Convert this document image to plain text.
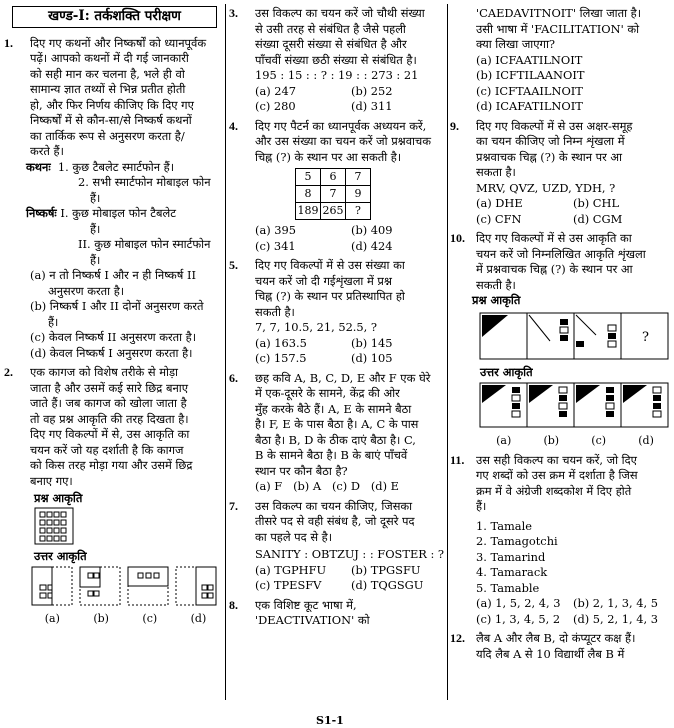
खण्ड-I: तर्कशक्ति परीक्षण
1. दिए गए कथनों और निष्कर्षों को ध्यानपूर्वक
पढ़ें। आपको कथनों में दी गई जानकारी
को सही मान कर चलना है, भले ही वो
सामान्य ज्ञात तथ्यों से भिन्न प्रतीत होती
हो, और फिर निर्णय कीजिए कि दिए गए
निष्कर्षों में से कौन-सा/से निष्कर्ष कथनों
का तार्किक रूप से अनुसरण करता है/
करते हैं।
कथनः 1. कुछ टैबलेट स्मार्टफोन हैं।
2. सभी स्मार्टफोन मोबाइल फोन
हैं।
निष्कर्षः I. कुछ मोबाइल फोन टैबलेट
हैं।
II. कुछ मोबाइल फोन स्मार्टफोन
हैं।
(a) न तो निष्कर्ष I और न ही निष्कर्ष II
अनुसरण करता है।
(b) निष्कर्ष I और II दोनों अनुसरण करते
हैं।
(c) केवल निष्कर्ष II अनुसरण करता है।
(d) केवल निष्कर्ष I अनुसरण करता है।
2. एक कागज को विशेष तरीके से मोड़ा
जाता है और उसमें कई सारे छिद्र बनाए
जाते हैं। जब कागज को खोला जाता है
तो वह प्रश्न आकृति की तरह दिखता है।
दिए गए विकल्पों में से, उस आकृति का
चयन करें जो यह दर्शाती है कि कागज
को किस तरह मोड़ा गया और उसमें छिद्र
बनाए गए।
प्रश्न आकृति
उत्तर आकृति
(a)	(b)	(c)	(d)
3. उस विकल्प का चयन करें जो चौथी संख्या
से उसी तरह से संबंधित है जैसे पहली
संख्या दूसरी संख्या से संबंधित है और
पाँचवीं संख्या छठी संख्या से संबंधित है।
195 : 15 : : ? : 19 : : 273 : 21
(a) 247	(b) 252
(c) 280	(d) 311
4. दिए गए पैटर्न का ध्यानपूर्वक अध्ययन करें,
और उस संख्या का चयन करें जो प्रश्नवाचक
चिह्न (?) के स्थान पर आ सकती है।
5	6	7
8	7	9
189	265	?
(a) 395	(b) 409
(c) 341	(d) 424
5. दिए गए विकल्पों में से उस संख्या का
चयन करें जो दी गईशृंखला में प्रश्न
चिह्न (?) के स्थान पर प्रतिस्थापित हो
सकती है।
7, 7, 10.5, 21, 52.5, ?
(a) 163.5	(b) 145
(c) 157.5	(d) 105
6. छह कवि A, B, C, D, E और F एक घेरे
में एक-दूसरे के सामने, केंद्र की ओर
मुँह करके बैठे हैं। A, E के सामने बैठा
है। F, E के पास बैठा है। A, C के पास
बैठा है। B, D के ठीक दाएं बैठा है। C,
B के सामने बैठा है। B के बाएं पाँचवें
स्थान पर कौन बैठा है?
(a) F   (b) A   (c) D   (d) E
7. उस विकल्प का चयन कीजिए, जिसका
तीसरे पद से वही संबंध है, जो दूसरे पद
का पहले पद से है।
SANITY : OBTZUJ : : FOSTER : ?
(a) TGPHFU	(b) TPGSFU
(c) TPESFV	(d) TQGSGU
8. एक विशिष्ट कूट भाषा में,
'DEACTIVATION' को
'CAEDAVITNOIT' लिखा जाता है।
उसी भाषा में 'FACILITATION' को
क्या लिखा जाएगा?
(a) ICFAATILNOIT
(b) ICFTILAANOIT
(c) ICFTAAILNOIT
(d) ICAFATILNOIT
9. दिए गए विकल्पों में से उस अक्षर-समूह
का चयन कीजिए जो निम्न शृंखला में
प्रश्नवाचक चिह्न (?) के स्थान पर आ
सकता है।
MRV, QVZ, UZD, YDH, ?
(a) DHE	(b) CHL
(c) CFN	(d) CGM
10. दिए गए विकल्पों में से उस आकृति का
चयन करें जो निम्नलिखित आकृति शृंखला
में प्रश्नवाचक चिह्न (?) के स्थान पर आ
सकती है।
प्रश्न आकृति
?
उत्तर आकृति
(a)	(b)	(c)	(d)
11. उस सही विकल्प का चयन करें, जो दिए
गए शब्दों को उस क्रम में दर्शाता है जिस
क्रम में वे अंग्रेजी शब्दकोश में दिए होते
हैं।
1. Tamale
2. Tamagotchi
3. Tamarind
4. Tamarack
5. Tamable
(a) 1, 5, 2, 4, 3	(b) 2, 1, 3, 4, 5
(c) 1, 3, 4, 5, 2	(d) 5, 2, 1, 4, 3
12. लैब A और लैब B, दो कंप्यूटर कक्ष हैं।
यदि लैब A से 10 विद्यार्थी लैब B में
S1-1
